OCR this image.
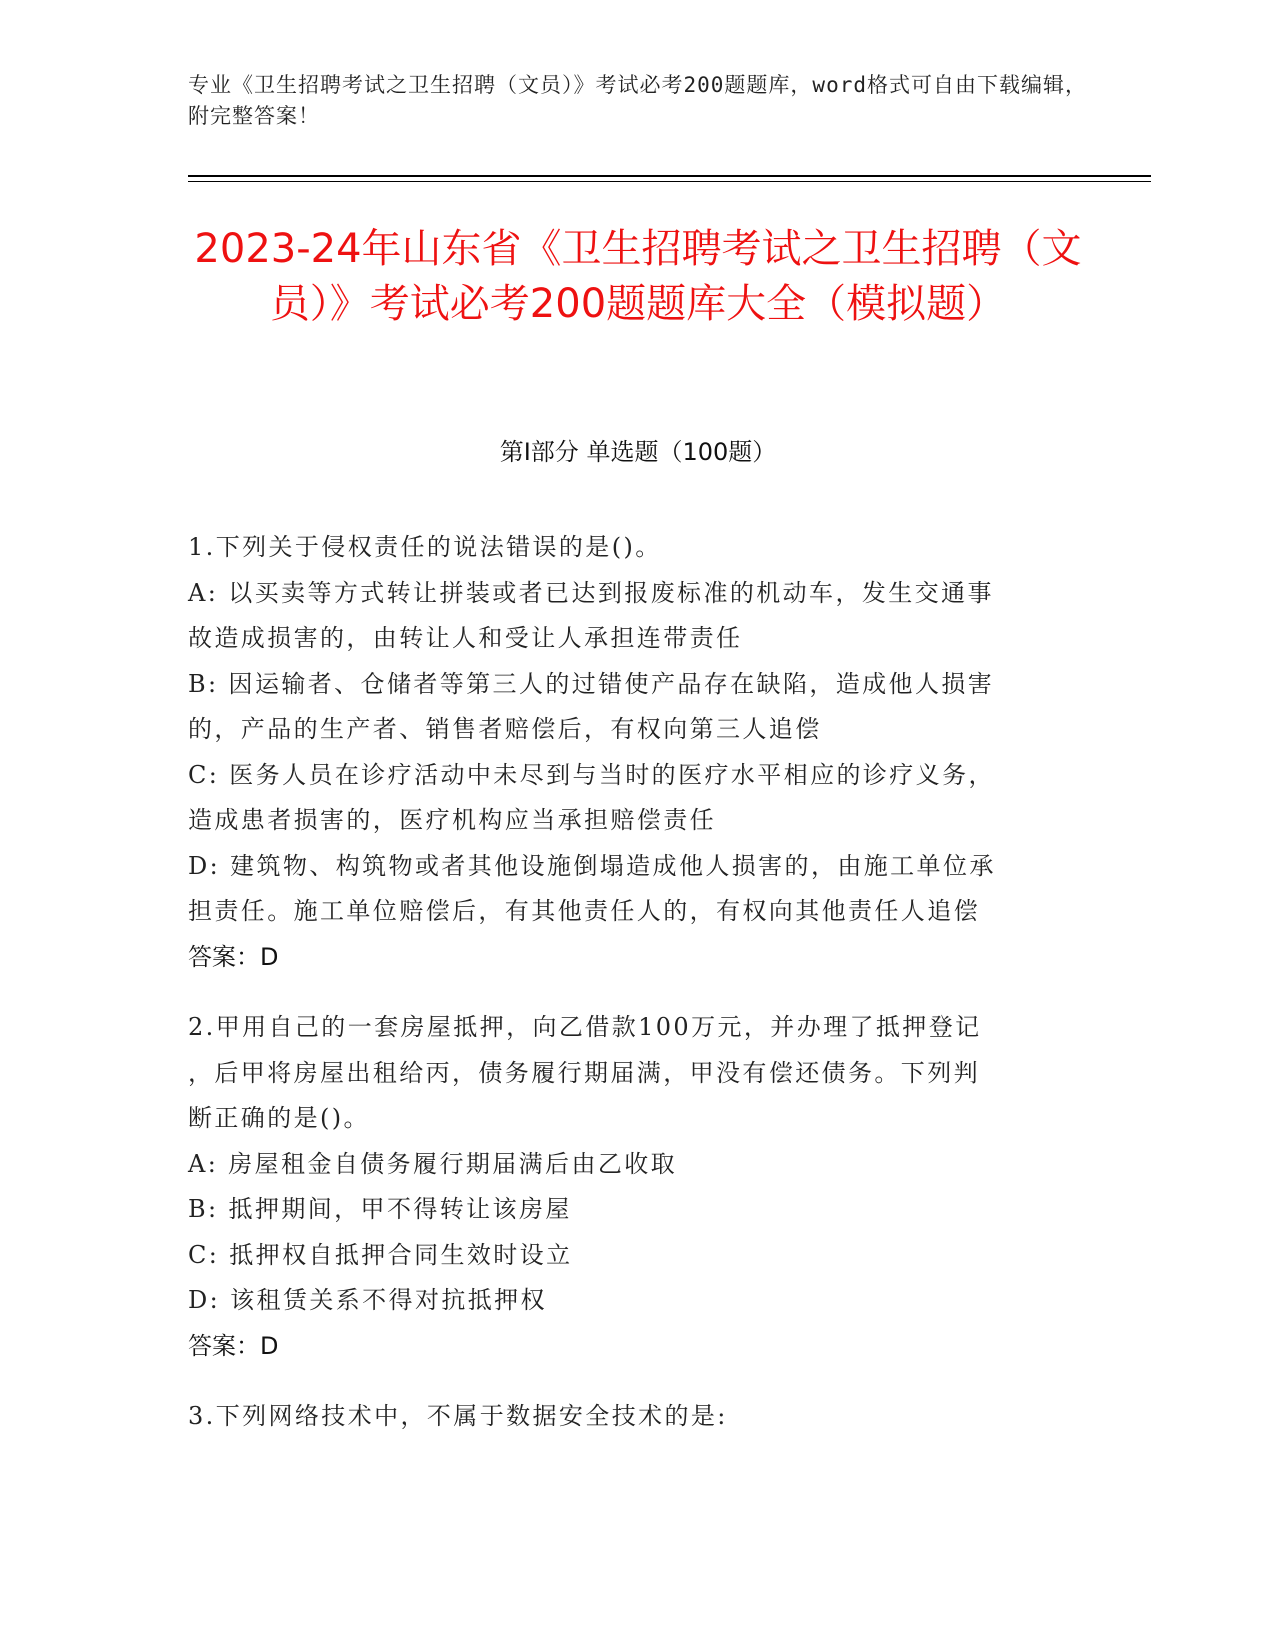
专业《卫生招聘考试之卫生招聘（文员）》考试必考200题题库，word格式可自由下载编辑，附完整答案！
2023-24年山东省《卫生招聘考试之卫生招聘（文员）》考试必考200题题库大全（模拟题）
第I部分 单选题（100题）

1.下列关于侵权责任的说法错误的是()。

A: 以买卖等方式转让拼装或者已达到报废标准的机动车，发生交通事

故造成损害的，由转让人和受让人承担连带责任

B: 因运输者、仓储者等第三人的过错使产品存在缺陷，造成他人损害

的，产品的生产者、销售者赔偿后，有权向第三人追偿

C: 医务人员在诊疗活动中未尽到与当时的医疗水平相应的诊疗义务，

造成患者损害的，医疗机构应当承担赔偿责任

D: 建筑物、构筑物或者其他设施倒塌造成他人损害的，由施工单位承

担责任。施工单位赔偿后，有其他责任人的，有权向其他责任人追偿

答案：D

2.甲用自己的一套房屋抵押，向乙借款100万元，并办理了抵押登记

，后甲将房屋出租给丙，债务履行期届满，甲没有偿还债务。下列判

断正确的是()。

A: 房屋租金自债务履行期届满后由乙收取

B: 抵押期间，甲不得转让该房屋

C: 抵押权自抵押合同生效时设立

D: 该租赁关系不得对抗抵押权

答案：D

3.下列网络技术中，不属于数据安全技术的是:
